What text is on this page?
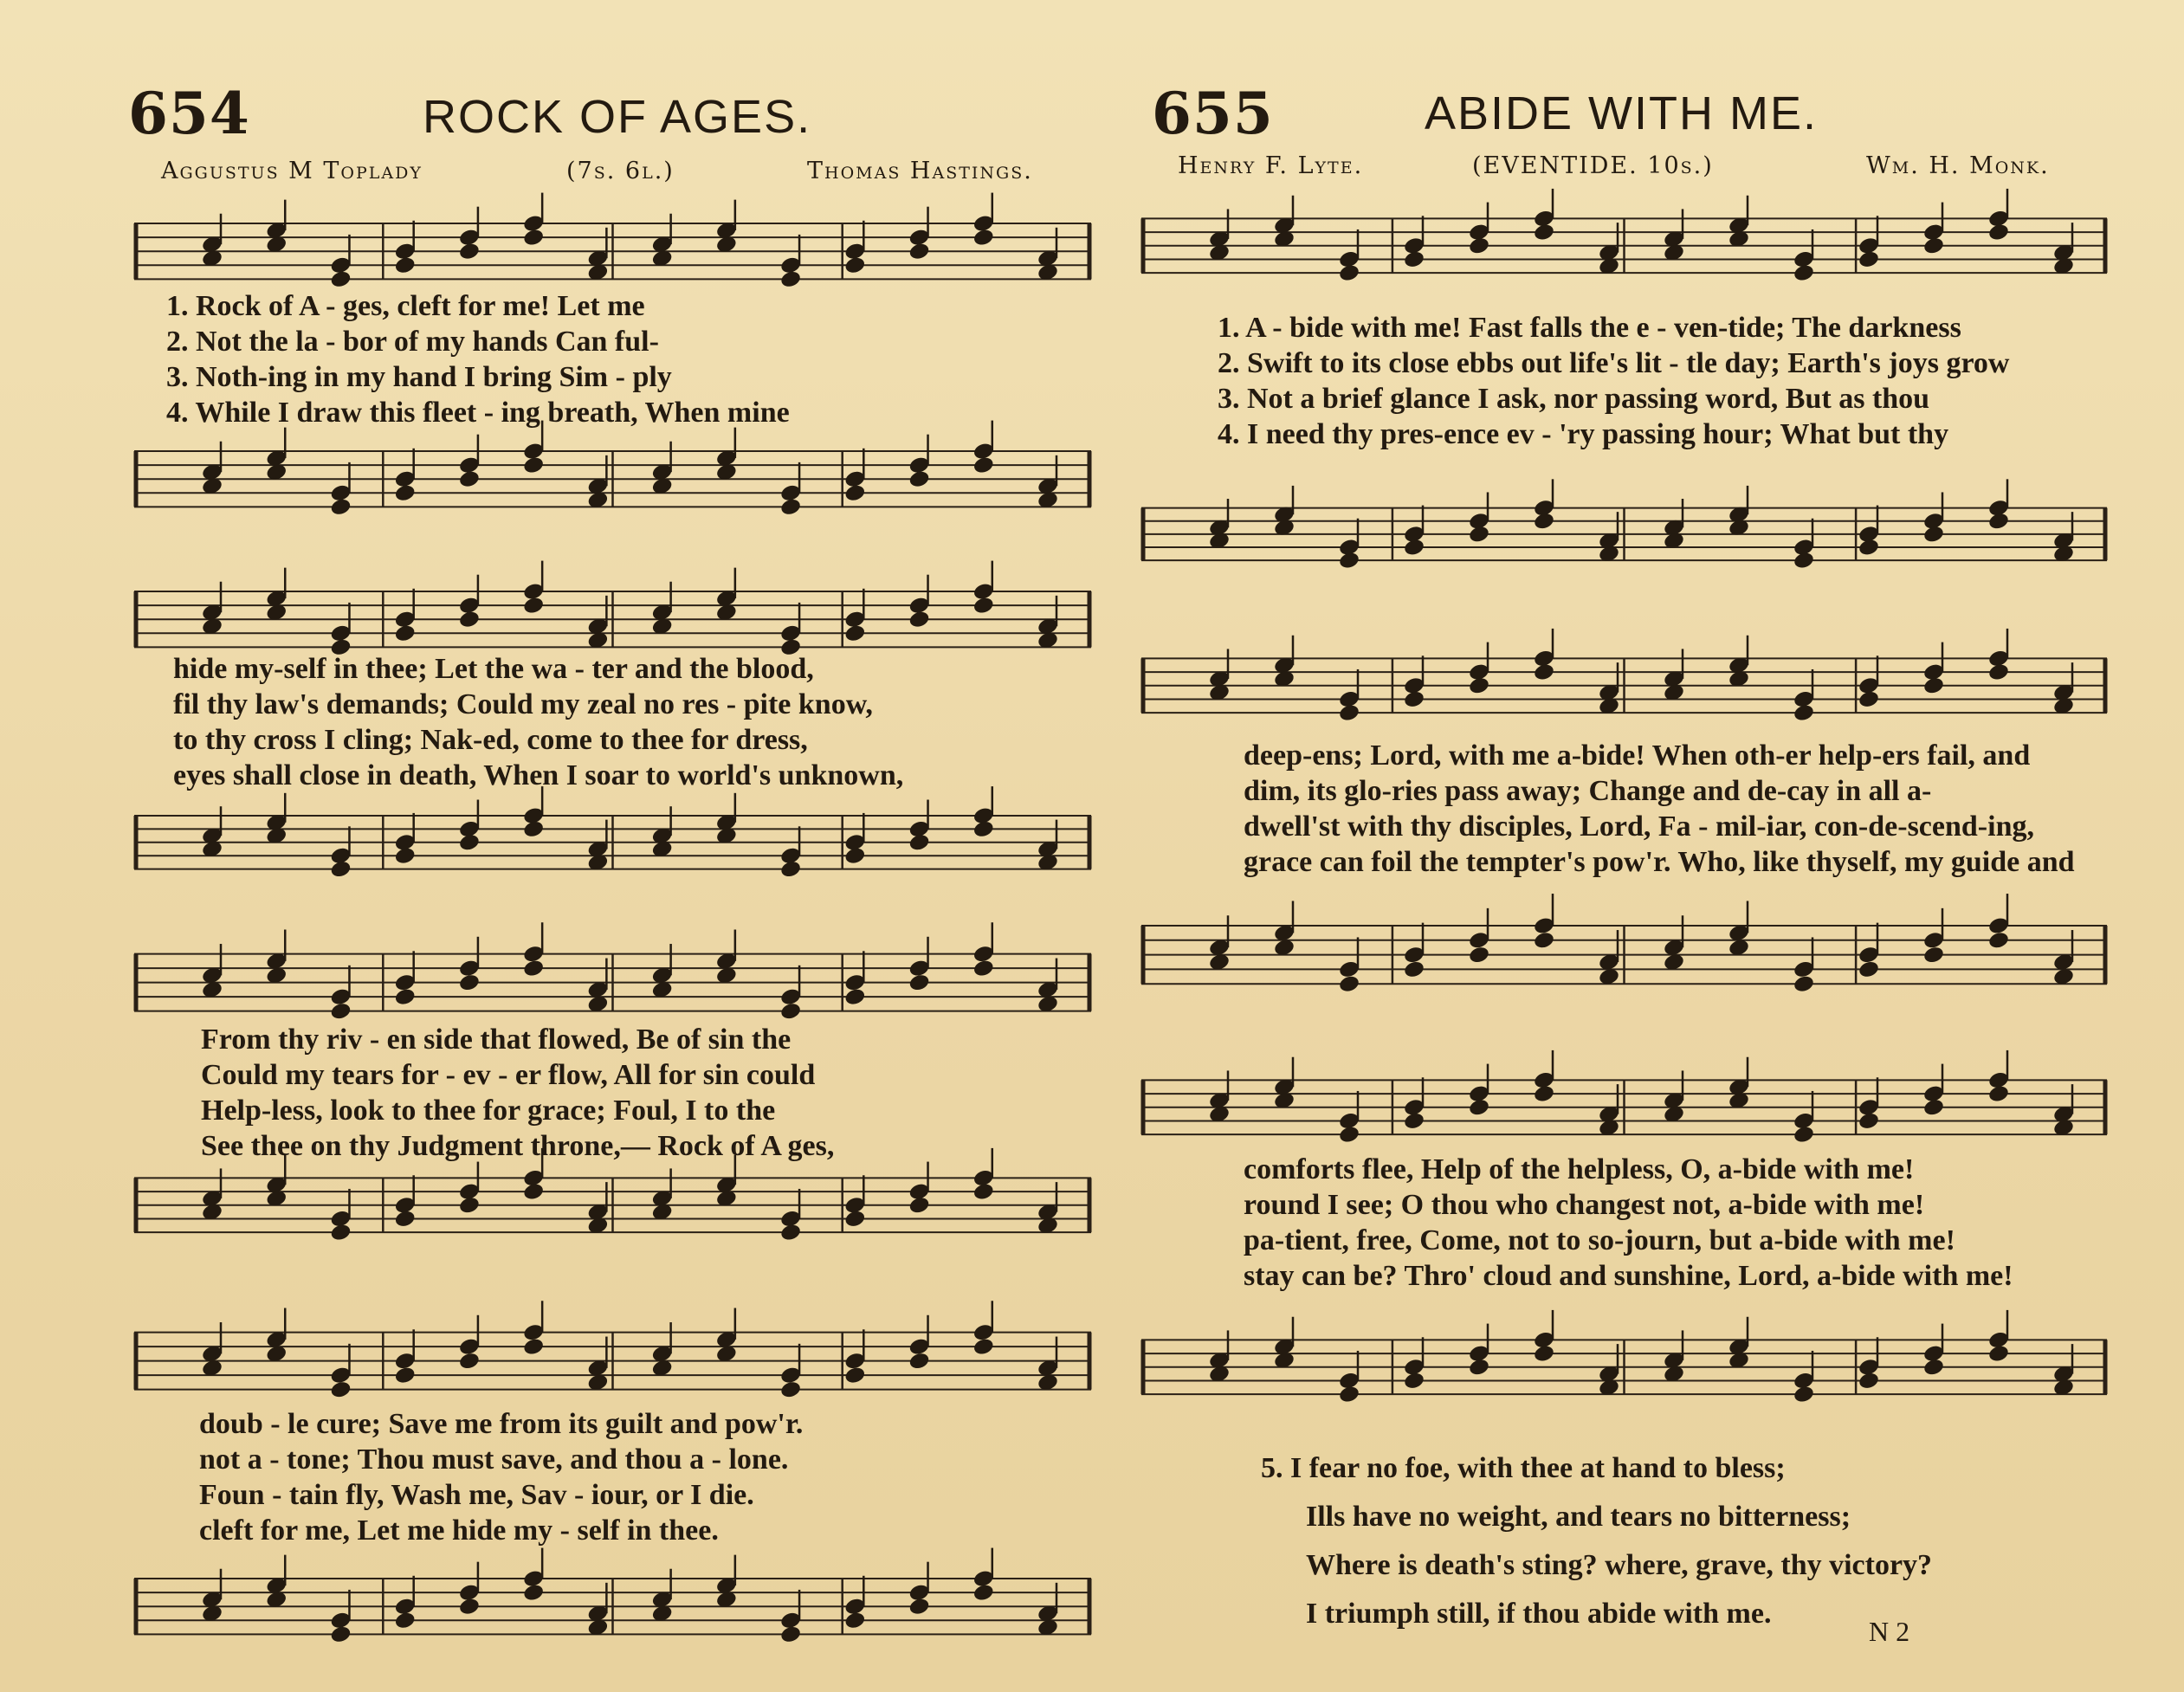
654	ROCK OF AGES.
Aggustus M Toplady	(7s. 6l.)	Thomas Hastings.
1. Rock of A - ges, cleft for me! Let me
2. Not the la - bor of my hands Can ful-
3. Noth-ing in my hand I bring Sim - ply
4. While I draw this fleet - ing breath, When mine
hide my-self in thee; Let the wa - ter and the blood,
fil thy law's demands; Could my zeal no res - pite know,
to thy cross I cling; Nak-ed, come to thee for dress,
eyes shall close in death, When I soar to world's unknown,
From thy riv - en side that flowed, Be of sin the
Could my tears for - ev - er flow, All for sin could
Help-less, look to thee for grace; Foul, I to the
See thee on thy Judgment throne,— Rock of A ges,
doub - le cure; Save me from its guilt and pow'r.
not a - tone; Thou must save, and thou a - lone.
Foun - tain fly, Wash me, Sav - iour, or I die.
cleft for me, Let me hide my - self in thee.
655	ABIDE WITH ME.
Henry F. Lyte.	(EVENTIDE. 10s.)	Wm. H. Monk.
1. A - bide with me! Fast falls the e - ven-tide; The darkness
2. Swift to its close ebbs out life's lit - tle day; Earth's joys grow
3. Not a brief glance I ask, nor passing word, But as thou
4. I need thy pres-ence ev - 'ry passing hour; What but thy
deep-ens; Lord, with me a-bide! When oth-er help-ers fail, and
dim, its glo-ries pass away; Change and de-cay in all a-
dwell'st with thy disciples, Lord, Fa - mil-iar, con-de-scend-ing,
grace can foil the tempter's pow'r. Who, like thyself, my guide and
comforts flee, Help of the helpless, O, a-bide with me!
round I see; O thou who changest not, a-bide with me!
pa-tient, free, Come, not to so-journ, but a-bide with me!
stay can be? Thro' cloud and sunshine, Lord, a-bide with me!
5. I fear no foe, with thee at hand to bless;
Ills have no weight, and tears no bitterness;
Where is death's sting? where, grave, thy victory?
I triumph still, if thou abide with me.
N 2
